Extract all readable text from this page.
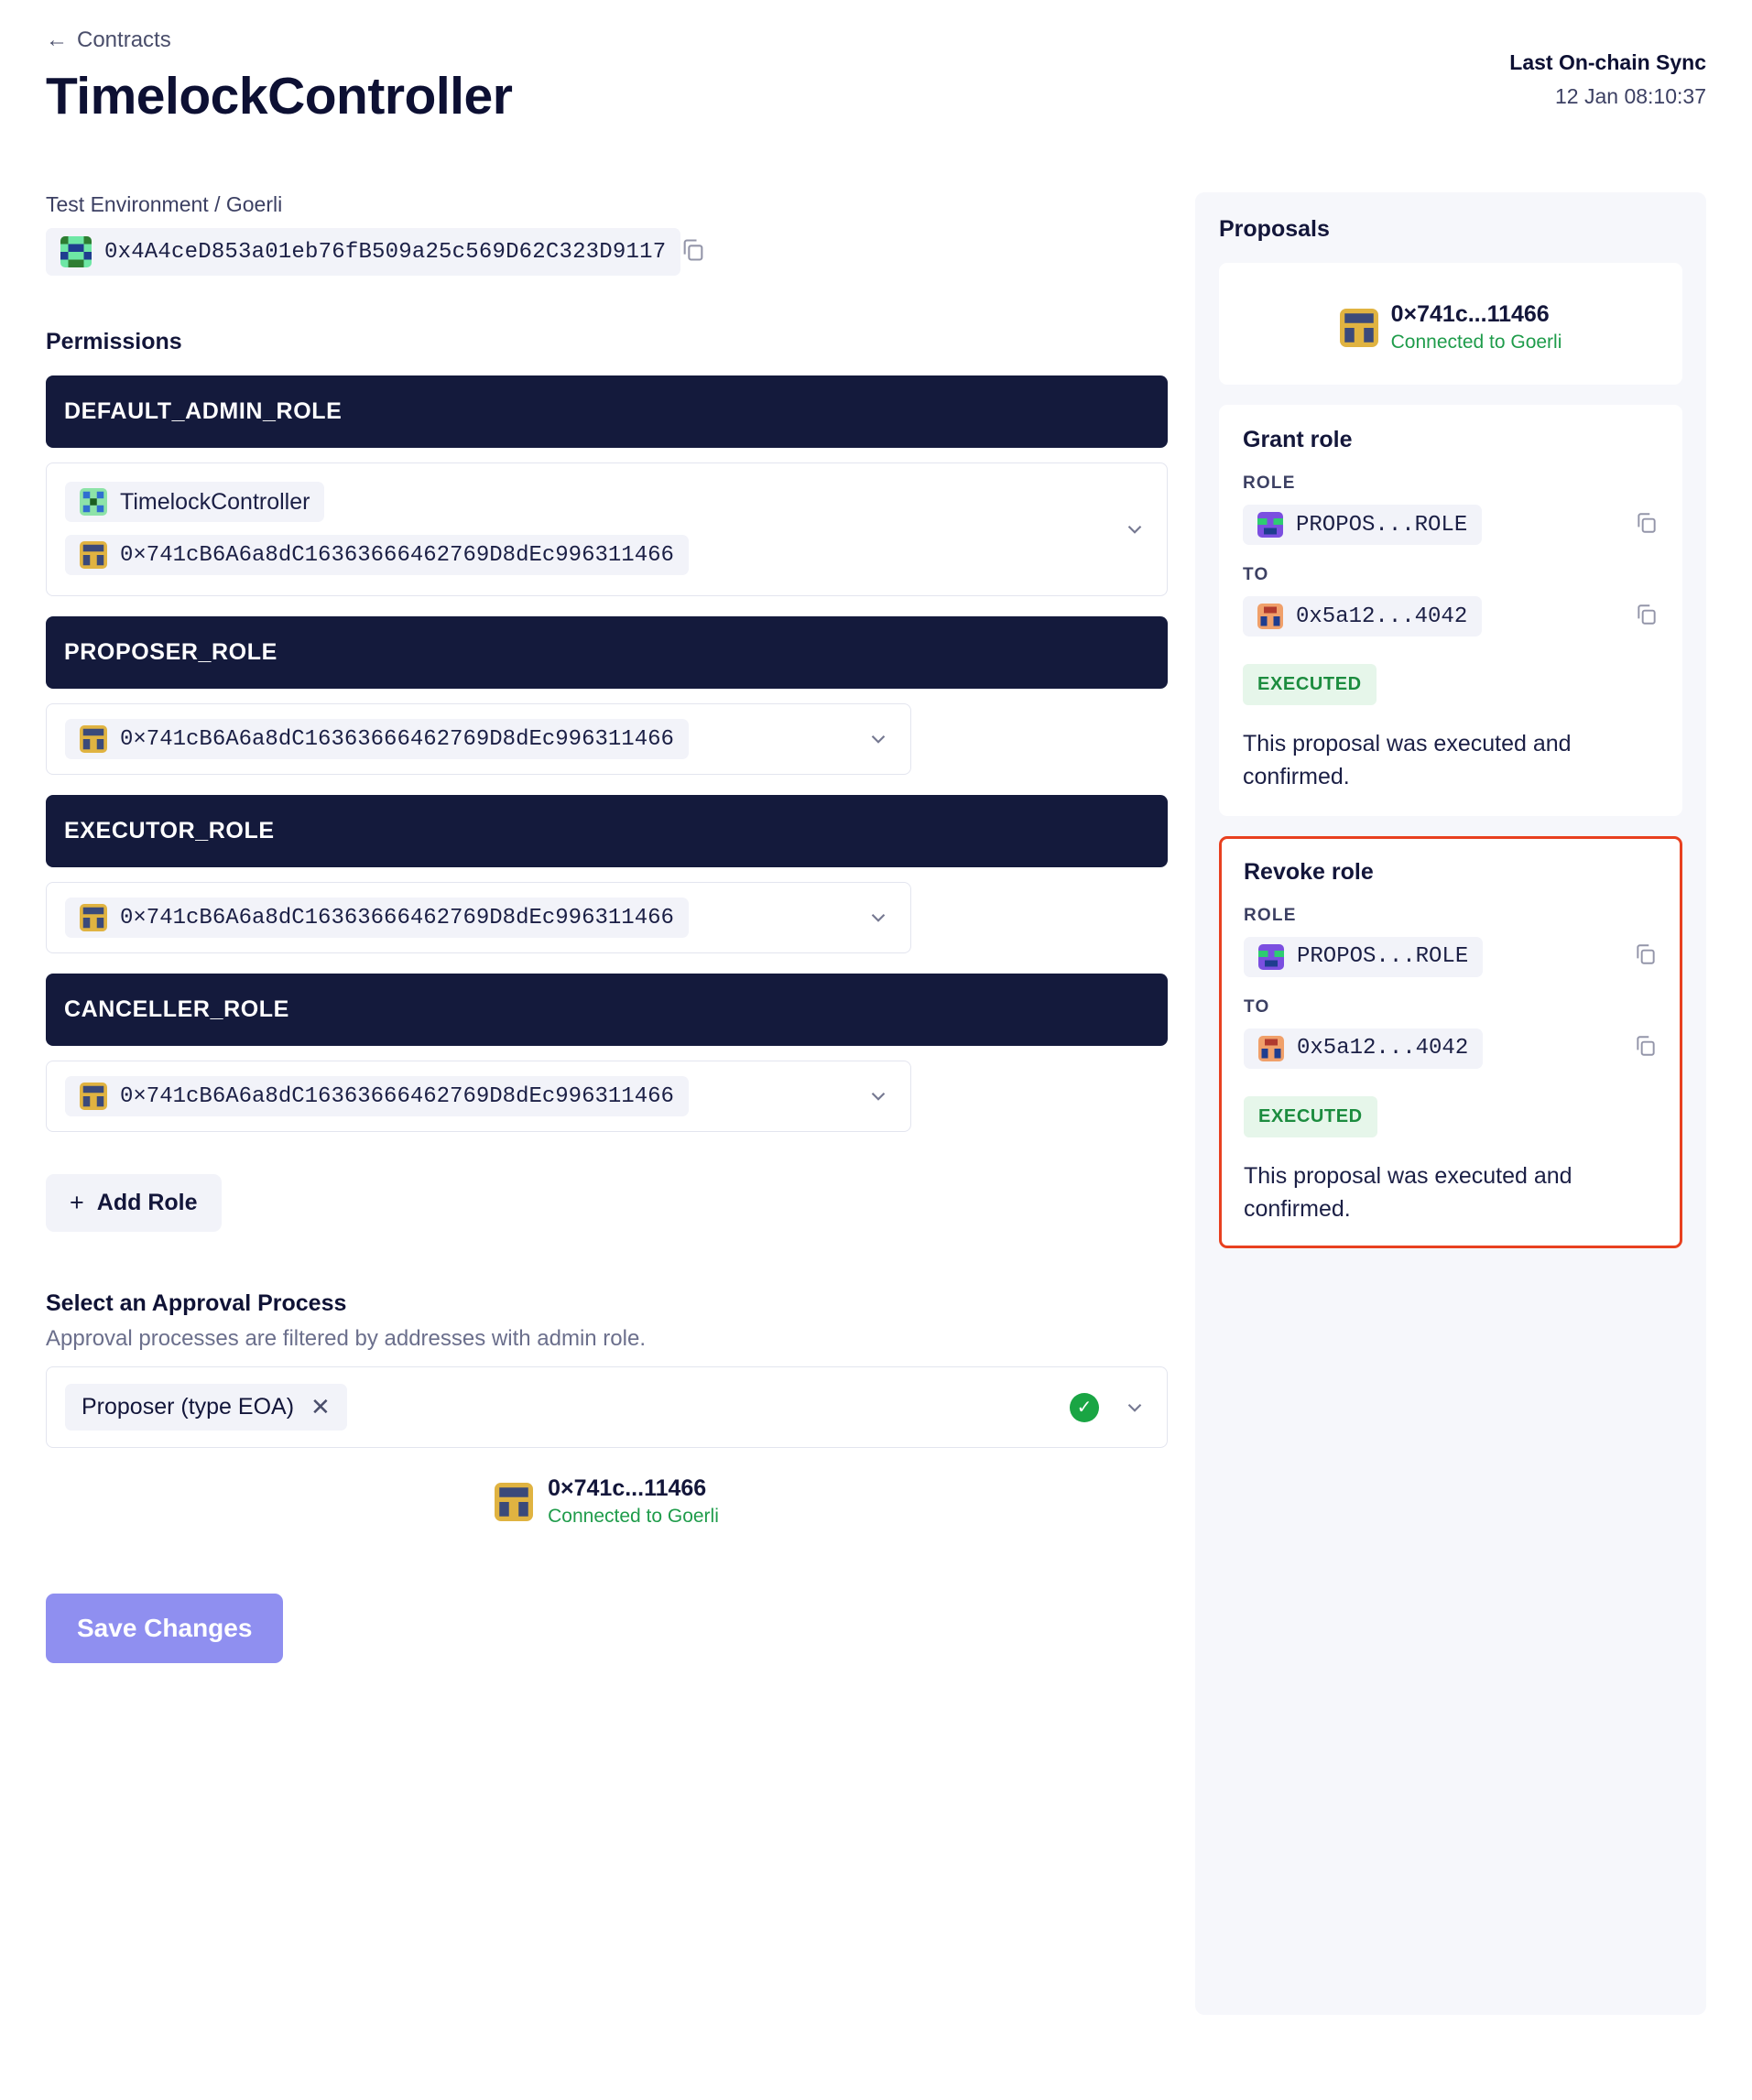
← Contracts
TimelockController
Last On-chain Sync
12 Jan 08:10:37
Test Environment / Goerli
0x4A4ceD853a01eb76fB509a25c569D62C323D9117
Permissions
DEFAULT_ADMIN_ROLE
TimelockController
0×741cB6A6a8dC16363666462769D8dEc996311466
PROPOSER_ROLE
0×741cB6A6a8dC16363666462769D8dEc996311466
EXECUTOR_ROLE
0×741cB6A6a8dC16363666462769D8dEc996311466
CANCELLER_ROLE
0×741cB6A6a8dC16363666462769D8dEc996311466
+ Add Role
Select an Approval Process
Approval processes are filtered by addresses with admin role.
Proposer (type EOA) ✕	✓
0×741c...11466
Connected to Goerli
Save Changes
Proposals
0×741c...11466
Connected to Goerli
Grant role
ROLE
PROPOS...ROLE
TO
0x5a12...4042
EXECUTED
This proposal was executed and confirmed.
Revoke role
ROLE
PROPOS...ROLE
TO
0x5a12...4042
EXECUTED
This proposal was executed and confirmed.
